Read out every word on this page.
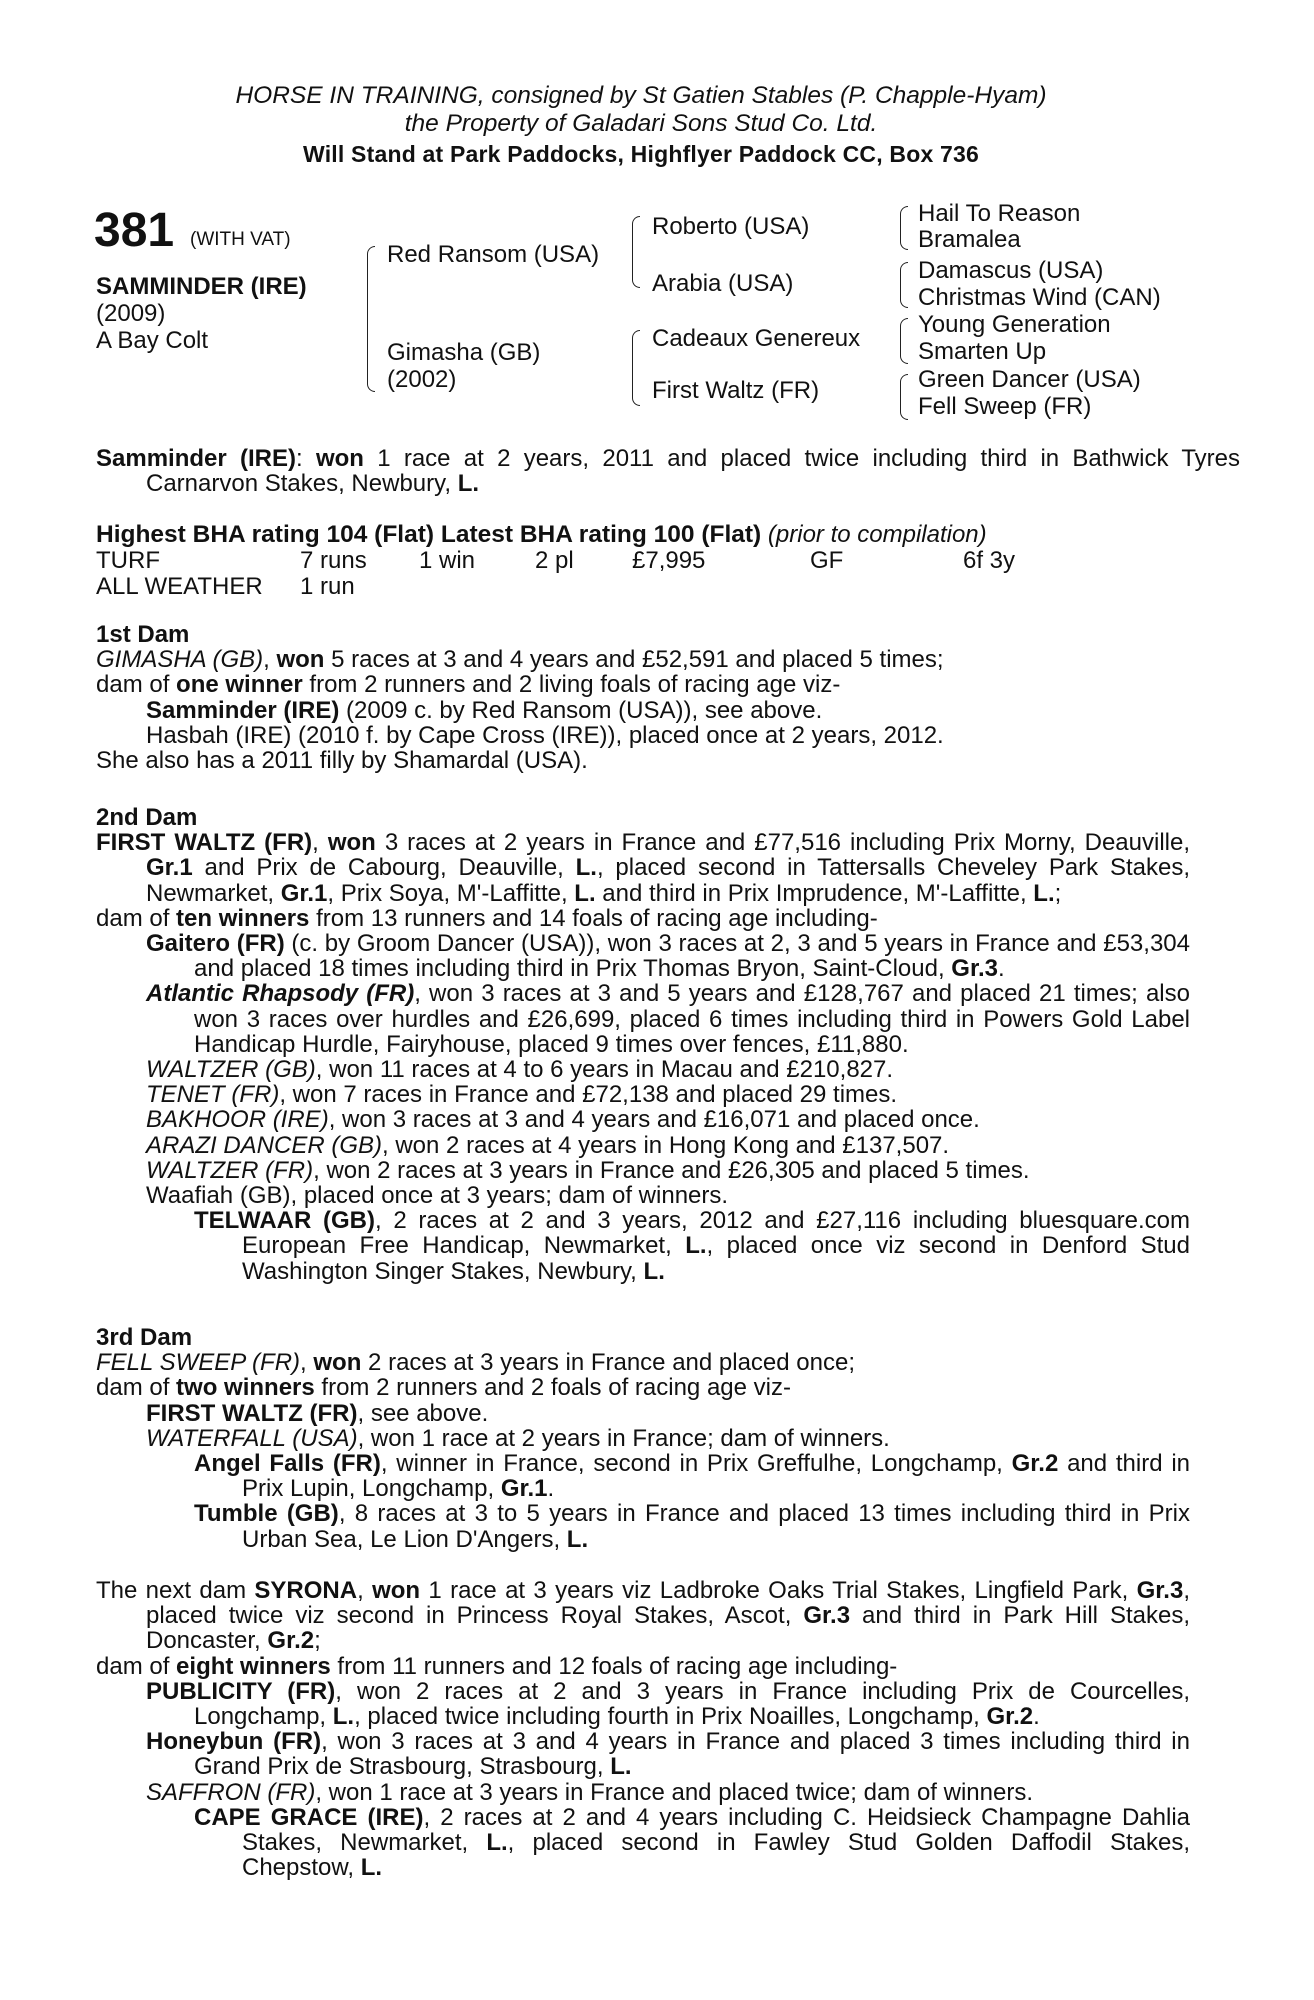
HORSE IN TRAINING, consigned by St Gatien Stables (P. Chapple-Hyam)
the Property of Galadari Sons Stud Co. Ltd.
Will Stand at Park Paddocks, Highflyer Paddock CC, Box 736
381 (WITH VAT)
SAMMINDER (IRE)
(2009)
A Bay Colt
Red Ransom (USA)
Gimasha (GB)
(2002)
Roberto (USA)
Arabia (USA)
Cadeaux Genereux
First Waltz (FR)
Hail To Reason
Bramalea
Damascus (USA)
Christmas Wind (CAN)
Young Generation
Smarten Up
Green Dancer (USA)
Fell Sweep (FR)
Samminder (IRE): won 1 race at 2 years, 2011 and placed twice including third in Bathwick Tyres Carnarvon Stakes, Newbury, L.
Highest BHA rating 104 (Flat) Latest BHA rating 100 (Flat) (prior to compilation)
TURF	7 runs 1 win 2 pl £7,995	GF	6f 3y
ALL WEATHER 1 run
1st Dam
GIMASHA (GB), won 5 races at 3 and 4 years and £52,591 and placed 5 times;
dam of one winner from 2 runners and 2 living foals of racing age viz-
Samminder (IRE) (2009 c. by Red Ransom (USA)), see above.
Hasbah (IRE) (2010 f. by Cape Cross (IRE)), placed once at 2 years, 2012.
She also has a 2011 filly by Shamardal (USA).
2nd Dam
FIRST WALTZ (FR), won 3 races at 2 years in France and £77,516 including Prix Morny, Deauville, Gr.1 and Prix de Cabourg, Deauville, L., placed second in Tattersalls Cheveley Park Stakes, Newmarket, Gr.1, Prix Soya, M'-Laffitte, L. and third in Prix Imprudence, M'-Laffitte, L.;
dam of ten winners from 13 runners and 14 foals of racing age including-
Gaitero (FR) (c. by Groom Dancer (USA)), won 3 races at 2, 3 and 5 years in France and £53,304 and placed 18 times including third in Prix Thomas Bryon, Saint-Cloud, Gr.3.
Atlantic Rhapsody (FR), won 3 races at 3 and 5 years and £128,767 and placed 21 times; also won 3 races over hurdles and £26,699, placed 6 times including third in Powers Gold Label Handicap Hurdle, Fairyhouse, placed 9 times over fences, £11,880.
WALTZER (GB), won 11 races at 4 to 6 years in Macau and £210,827.
TENET (FR), won 7 races in France and £72,138 and placed 29 times.
BAKHOOR (IRE), won 3 races at 3 and 4 years and £16,071 and placed once.
ARAZI DANCER (GB), won 2 races at 4 years in Hong Kong and £137,507.
WALTZER (FR), won 2 races at 3 years in France and £26,305 and placed 5 times.
Waafiah (GB), placed once at 3 years; dam of winners.
TELWAAR (GB), 2 races at 2 and 3 years, 2012 and £27,116 including bluesquare.com European Free Handicap, Newmarket, L., placed once viz second in Denford Stud Washington Singer Stakes, Newbury, L.
3rd Dam
FELL SWEEP (FR), won 2 races at 3 years in France and placed once;
dam of two winners from 2 runners and 2 foals of racing age viz-
FIRST WALTZ (FR), see above.
WATERFALL (USA), won 1 race at 2 years in France; dam of winners.
Angel Falls (FR), winner in France, second in Prix Greffulhe, Longchamp, Gr.2 and third in Prix Lupin, Longchamp, Gr.1.
Tumble (GB), 8 races at 3 to 5 years in France and placed 13 times including third in Prix Urban Sea, Le Lion D'Angers, L.
The next dam SYRONA, won 1 race at 3 years viz Ladbroke Oaks Trial Stakes, Lingfield Park, Gr.3, placed twice viz second in Princess Royal Stakes, Ascot, Gr.3 and third in Park Hill Stakes, Doncaster, Gr.2;
dam of eight winners from 11 runners and 12 foals of racing age including-
PUBLICITY (FR), won 2 races at 2 and 3 years in France including Prix de Courcelles, Longchamp, L., placed twice including fourth in Prix Noailles, Longchamp, Gr.2.
Honeybun (FR), won 3 races at 3 and 4 years in France and placed 3 times including third in Grand Prix de Strasbourg, Strasbourg, L.
SAFFRON (FR), won 1 race at 3 years in France and placed twice; dam of winners.
CAPE GRACE (IRE), 2 races at 2 and 4 years including C. Heidsieck Champagne Dahlia Stakes, Newmarket, L., placed second in Fawley Stud Golden Daffodil Stakes, Chepstow, L.
